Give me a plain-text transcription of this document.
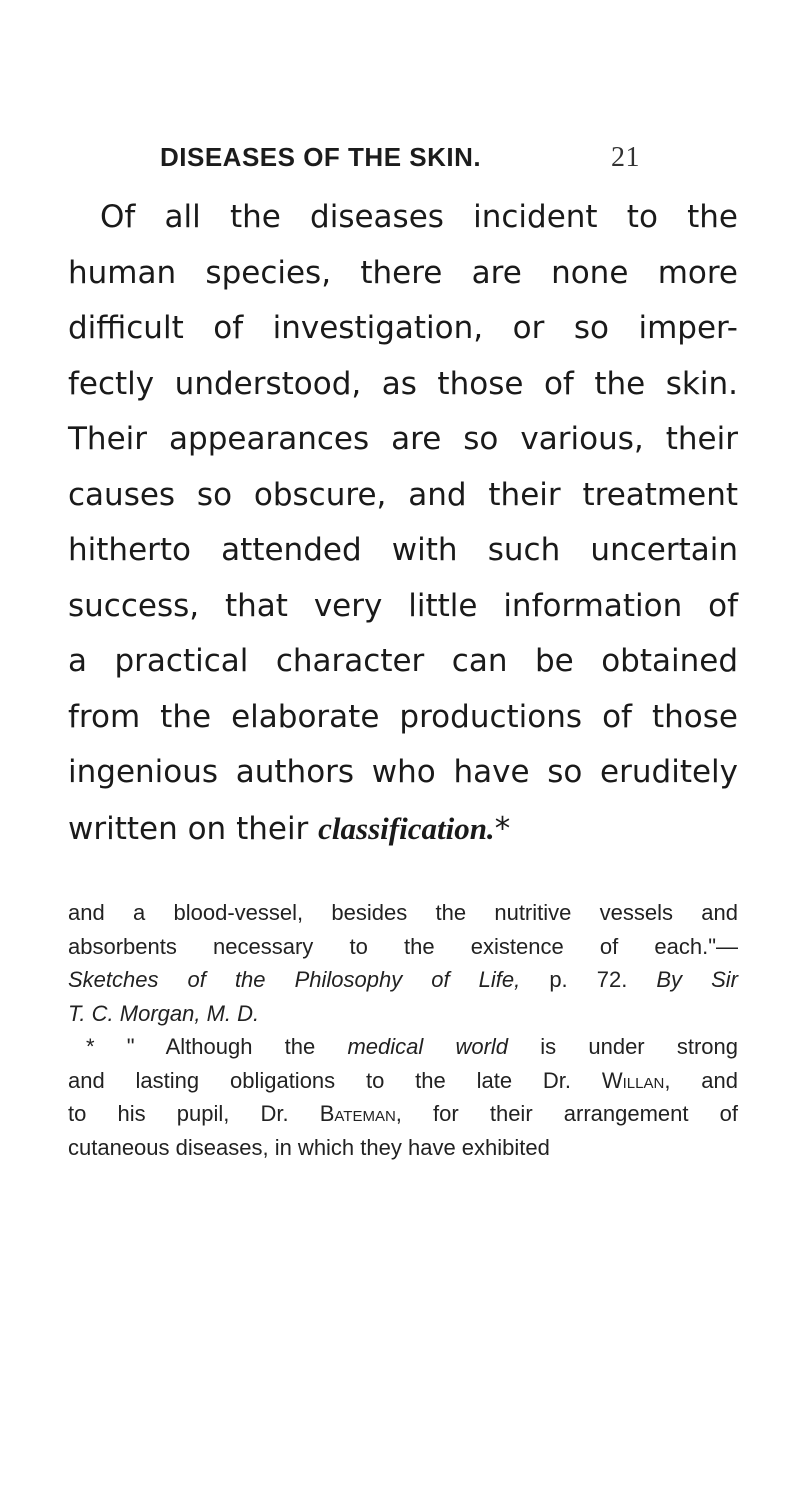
DISEASES OF THE SKIN.	21
Of all the diseases incident to the
human species, there are none more
difficult of investigation, or so imper-
fectly understood, as those of the skin.
Their appearances are so various, their
causes so obscure, and their treatment
hitherto attended with such uncertain
success, that very little information of
a practical character can be obtained
from the elaborate productions of those
ingenious authors who have so eruditely
written on their classification.*
and a blood-vessel, besides the nutritive vessels and
absorbents necessary to the existence of each."—
Sketches of the Philosophy of Life, p. 72. By Sir
T. C. Morgan, M. D.
* " Although the medical world is under strong
and lasting obligations to the late Dr. Willan, and
to his pupil, Dr. Bateman, for their arrangement of
cutaneous diseases, in which they have exhibited
